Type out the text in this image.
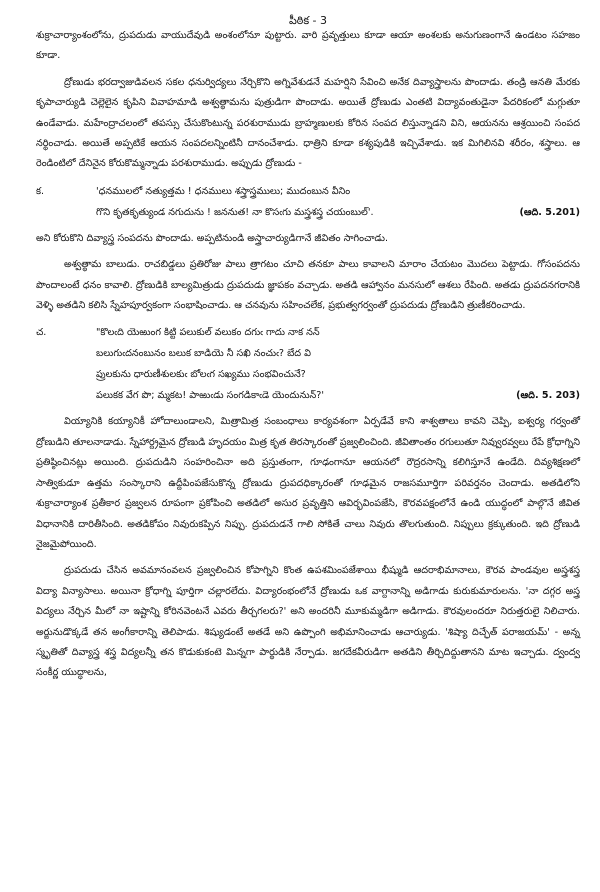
పీఠిక - 3

శుక్రాచార్యాంశంలోను, ద్రుపదుడు వాయుదేవుడి అంశంలోనూ పుట్టారు. వారి ప్రవృత్తులు కూడా ఆయా అంశలకు అనుగుణంగానే ఉండటం సహజం కూడా.

ద్రోణుడు భరద్వాజుడివలన సకల ధనుర్విద్యలు నేర్చికొని అగ్నివేశుడనే మహర్షిని సేవించి అనేక దివ్యాస్త్రాలను పొందాడు. తండ్రి ఆనతి మేరకు కృపాచార్యుడి చెల్లెలైన కృపిని వివాహమాడి అశ్వత్థామను పుత్రుడిగా పొందాడు. అయితే ద్రోణుడు ఎంతటి విద్యావంతుడైనా పేదరికంలో మగ్గుతూ ఉండేవాడు. మహేంద్రాచలంలో తపస్సు చేసుకొంటున్న పరశురాముడు బ్రాహ్మణులకు కోరిన సంపద లిస్తున్నాడని విని, ఆయనను ఆశ్రయించి సంపద నర్థించాడు. అయితే అప్పటికే ఆయన సంపదలన్నింటినీ దానంచేశాడు. ధాత్రిని కూడా కశ్యపుడికి ఇచ్చివేశాడు. ఇక మిగిలినవి శరీరం, శస్త్రాలు. ఆ రెండింటిలో దేనినైన కోరుకొమ్మన్నాడు పరశురాముడు. అప్పుడు ద్రోణుడు -

క.	'ధనములలో నత్యుత్తమ ! ధనములు శస్త్రాస్త్రములు; ముదంబున వీనిం
గొని కృతకృత్యుండ నగుదును ! జననుత! నా కొసఁగు మస్త్రశస్త్ర చయంబుల్'.	(ఆది. 5.201)

అని కోరుకొని దివ్యాస్త్ర సంపదను పొందాడు. అప్పటినుండి అస్త్రాచార్యుడిగానే జీవితం సాగించాడు.

అశ్వత్థామ బాలుడు. రాచబిడ్డలు ప్రతిరోజు పాలు త్రాగటం చూచి తనకూ పాలు కావాలని మారాం చేయటం మొదలు పెట్టాడు. గోసంపదను పొందాలంటే ధనం కావాలి. ద్రోణుడికి బాల్యమిత్రుడు ద్రుపదుడు జ్ఞాపకం వచ్చాడు. అతడి ఆహ్వానం మనసులో ఆశలు రేపింది. అతడు ద్రుపదనగరానికి వెళ్ళి అతడిని కలిసి స్నేహపూర్వకంగా సంభాషించాడు. ఆ చనవును సహించలేక, ప్రభుత్వగర్వంతో ద్రుపదుడు ద్రోణుడిని త్రుణీకరించాడు.

చ.	"కొలఁది యెఱుంగ కిట్టి పలుకుల్ వలుకం దగుఁ గాదు నాక నన్
బలుగుఁదనంబునం బలుక బాడియె నీ సఖి నంచుఁ? బేద వి
ప్రులకును ధారుణీశులకుఁ బోలఁగ సఖ్యము సంభవించునే?
పలుకక వేగ పొ; మ్మకట! పాఱుఁడు సంగడికాఁడె యెందునున్?'	(ఆది. 5. 203)

వియ్యానికి కయ్యానికీ హోదాలుండాలని, మిత్రామిత్ర సంబంధాలు కార్యవశంగా ఏర్పడేవే కాని శాశ్వతాలు కావని చెప్పి, ఐశ్వర్య గర్వంతో ద్రోణుడిని తూలనాడాడు. స్నేహార్ద్రమైన ద్రోణుడి హృదయం మిత్ర కృత తిరస్కారంతో ప్రజ్వలించింది. జీవితాంతం రగులుతూ నివ్వురవ్వలు రేపే క్రోధాగ్నిని ప్రతిష్ఠించినట్లు అయింది. ద్రుపదుడిని సంహరించినా అది ప్రస్తుతంగా, గూఢంగానూ ఆయనలో రౌద్రరసాన్ని కలిగిస్తూనే ఉండేది. దివ్యశిక్షణలో సాత్వికుడూ ఉత్తమ సంస్కారాని ఉద్దీపింపజేసుకొన్న ద్రోణుడు ద్రుపదధిక్కారంతో గూఢమైన రాజసమూర్తిగా పరివర్తనం చెందాడు. అతడిలోని శుక్రాచార్యాంశ ప్రతీకార ప్రజ్వలన రూపంగా ప్రకోపించి అతడిలో అసుర ప్రవృత్తిని ఆవిర్భవింపజేసి, కౌరవపక్షంలోనే ఉండి యుద్ధంలో పాల్గొనే జీవిత విధానానికి దారితీసింది. అతడికోపం నివురుకప్పిన నిప్పు. ద్రుపదుడనే గాలి సోకితే చాలు నివురు తొలగుతుంది. నిప్పులు క్రక్కుతుంది. ఇది ద్రోణుడి నైజమైపోయింది.

ద్రుపదుడు చేసిన అవమానంవలన ప్రజ్వలించిన కోపాగ్నిని కొంత ఉపశమింపజేశాయి భీష్ముడి ఆదరాభిమానాలు, కౌరవ పాండవుల అస్త్రశస్త్ర విద్యా విన్యాసాలు. అయినా క్రోధాగ్ని పూర్తిగా చల్లారలేదు. విద్యారంభంలోనే ద్రోణుడు ఒక వాగ్దానాన్ని అడిగాడు కురుకుమారులను. 'నా దగ్గర అస్త్ర విద్యలు నేర్చిన మీలో నా ఇష్టాన్ని కోరినవెంటనే ఎవరు తీర్చగలరు?' అని అందరినీ మూకుమ్మడిగా అడిగాడు. కౌరవులందరూ నిరుత్తరులై నిలిచారు. అర్జునుడొక్కడే తన అంగీకారాన్ని తెలిపాడు. శిష్యుడంటే అతడే అని ఉప్పొంగి అభిమానించాడు ఆచార్యుడు. 'శిష్యా దిచ్ఛేత్ పరాజయమ్' - అన్న స్మృతితో దివ్యాస్త్ర శస్త్ర విద్యలన్నీ తన కొడుకుకంటె మిన్నగా పార్థుడికి నేర్పాడు. జగదేకవీరుడిగా అతడిని తీర్చిదిద్దుతానని మాట ఇచ్చాడు. ద్వంద్వ సంకీర్ణ యుద్ధాలను,
